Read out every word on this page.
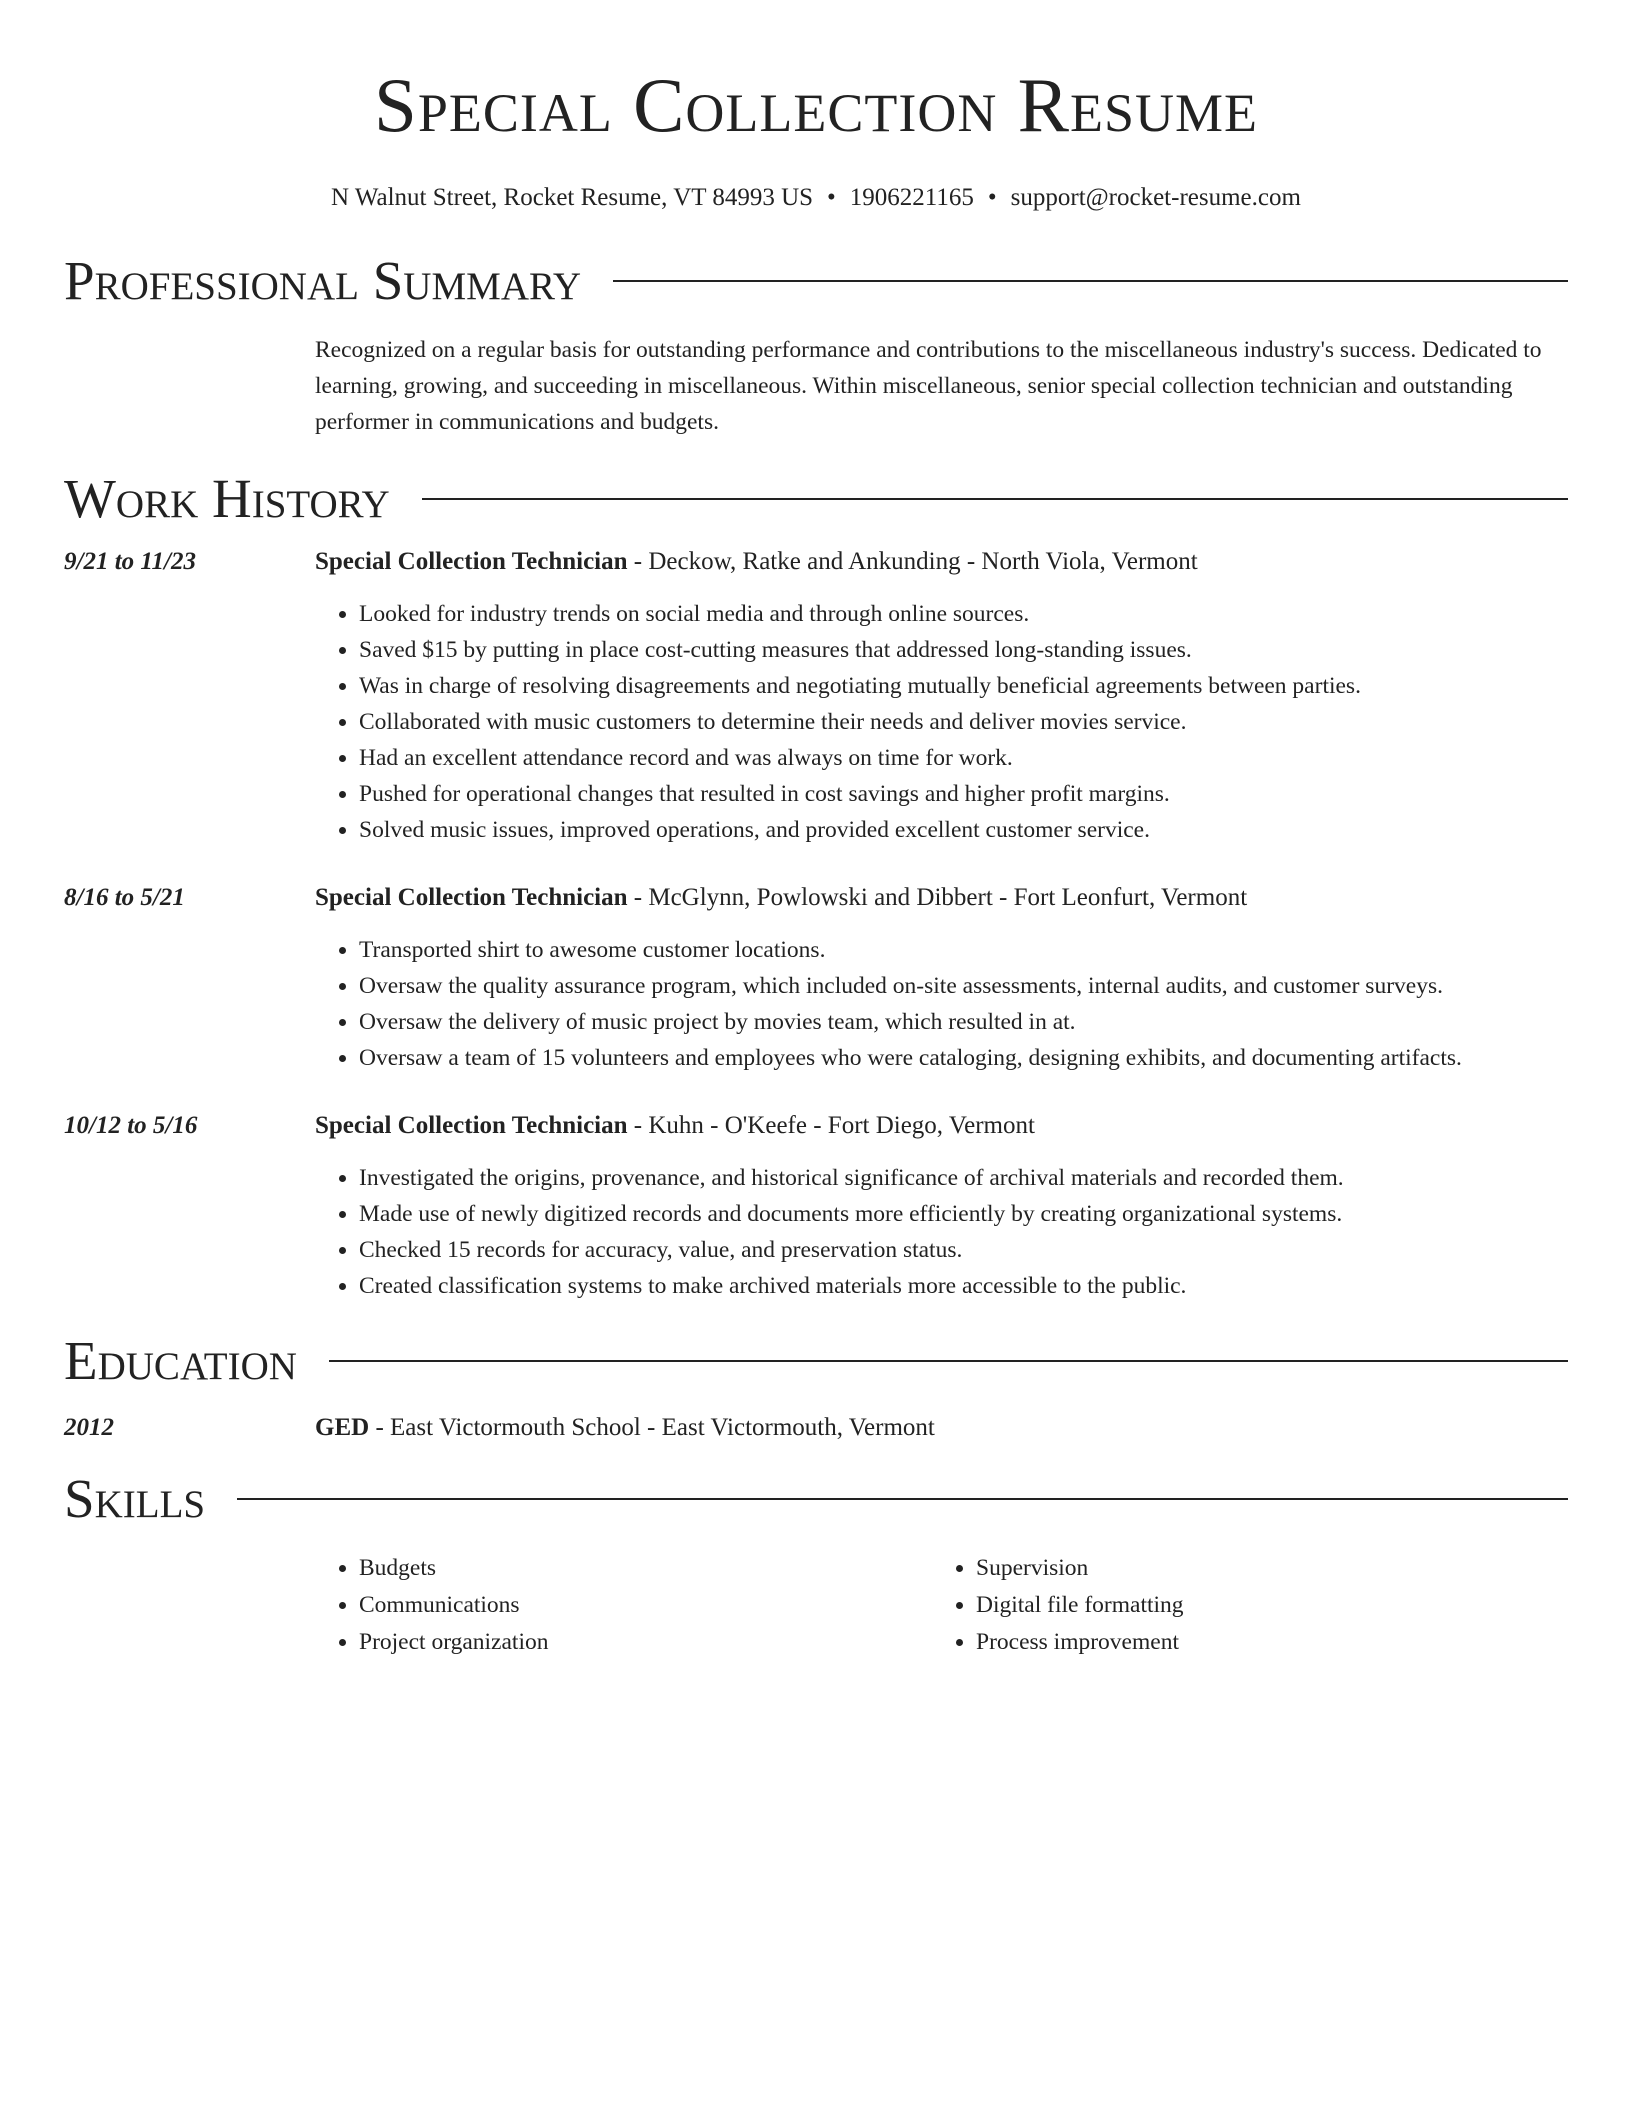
Special Collection Resume
N Walnut Street, Rocket Resume, VT 84993 US • 1906221165 • support@rocket-resume.com
Professional Summary
Recognized on a regular basis for outstanding performance and contributions to the miscellaneous industry's success. Dedicated to learning, growing, and succeeding in miscellaneous. Within miscellaneous, senior special collection technician and outstanding performer in communications and budgets.
Work History
9/21 to 11/23	Special Collection Technician - Deckow, Ratke and Ankunding - North Viola, Vermont
• Looked for industry trends on social media and through online sources.
• Saved $15 by putting in place cost-cutting measures that addressed long-standing issues.
• Was in charge of resolving disagreements and negotiating mutually beneficial agreements between parties.
• Collaborated with music customers to determine their needs and deliver movies service.
• Had an excellent attendance record and was always on time for work.
• Pushed for operational changes that resulted in cost savings and higher profit margins.
• Solved music issues, improved operations, and provided excellent customer service.
8/16 to 5/21	Special Collection Technician - McGlynn, Powlowski and Dibbert - Fort Leonfurt, Vermont
• Transported shirt to awesome customer locations.
• Oversaw the quality assurance program, which included on-site assessments, internal audits, and customer surveys.
• Oversaw the delivery of music project by movies team, which resulted in at.
• Oversaw a team of 15 volunteers and employees who were cataloging, designing exhibits, and documenting artifacts.
10/12 to 5/16	Special Collection Technician - Kuhn - O'Keefe - Fort Diego, Vermont
• Investigated the origins, provenance, and historical significance of archival materials and recorded them.
• Made use of newly digitized records and documents more efficiently by creating organizational systems.
• Checked 15 records for accuracy, value, and preservation status.
• Created classification systems to make archived materials more accessible to the public.
Education
2012	GED - East Victormouth School - East Victormouth, Vermont
Skills
• Budgets
• Communications
• Project organization
• Supervision
• Digital file formatting
• Process improvement
